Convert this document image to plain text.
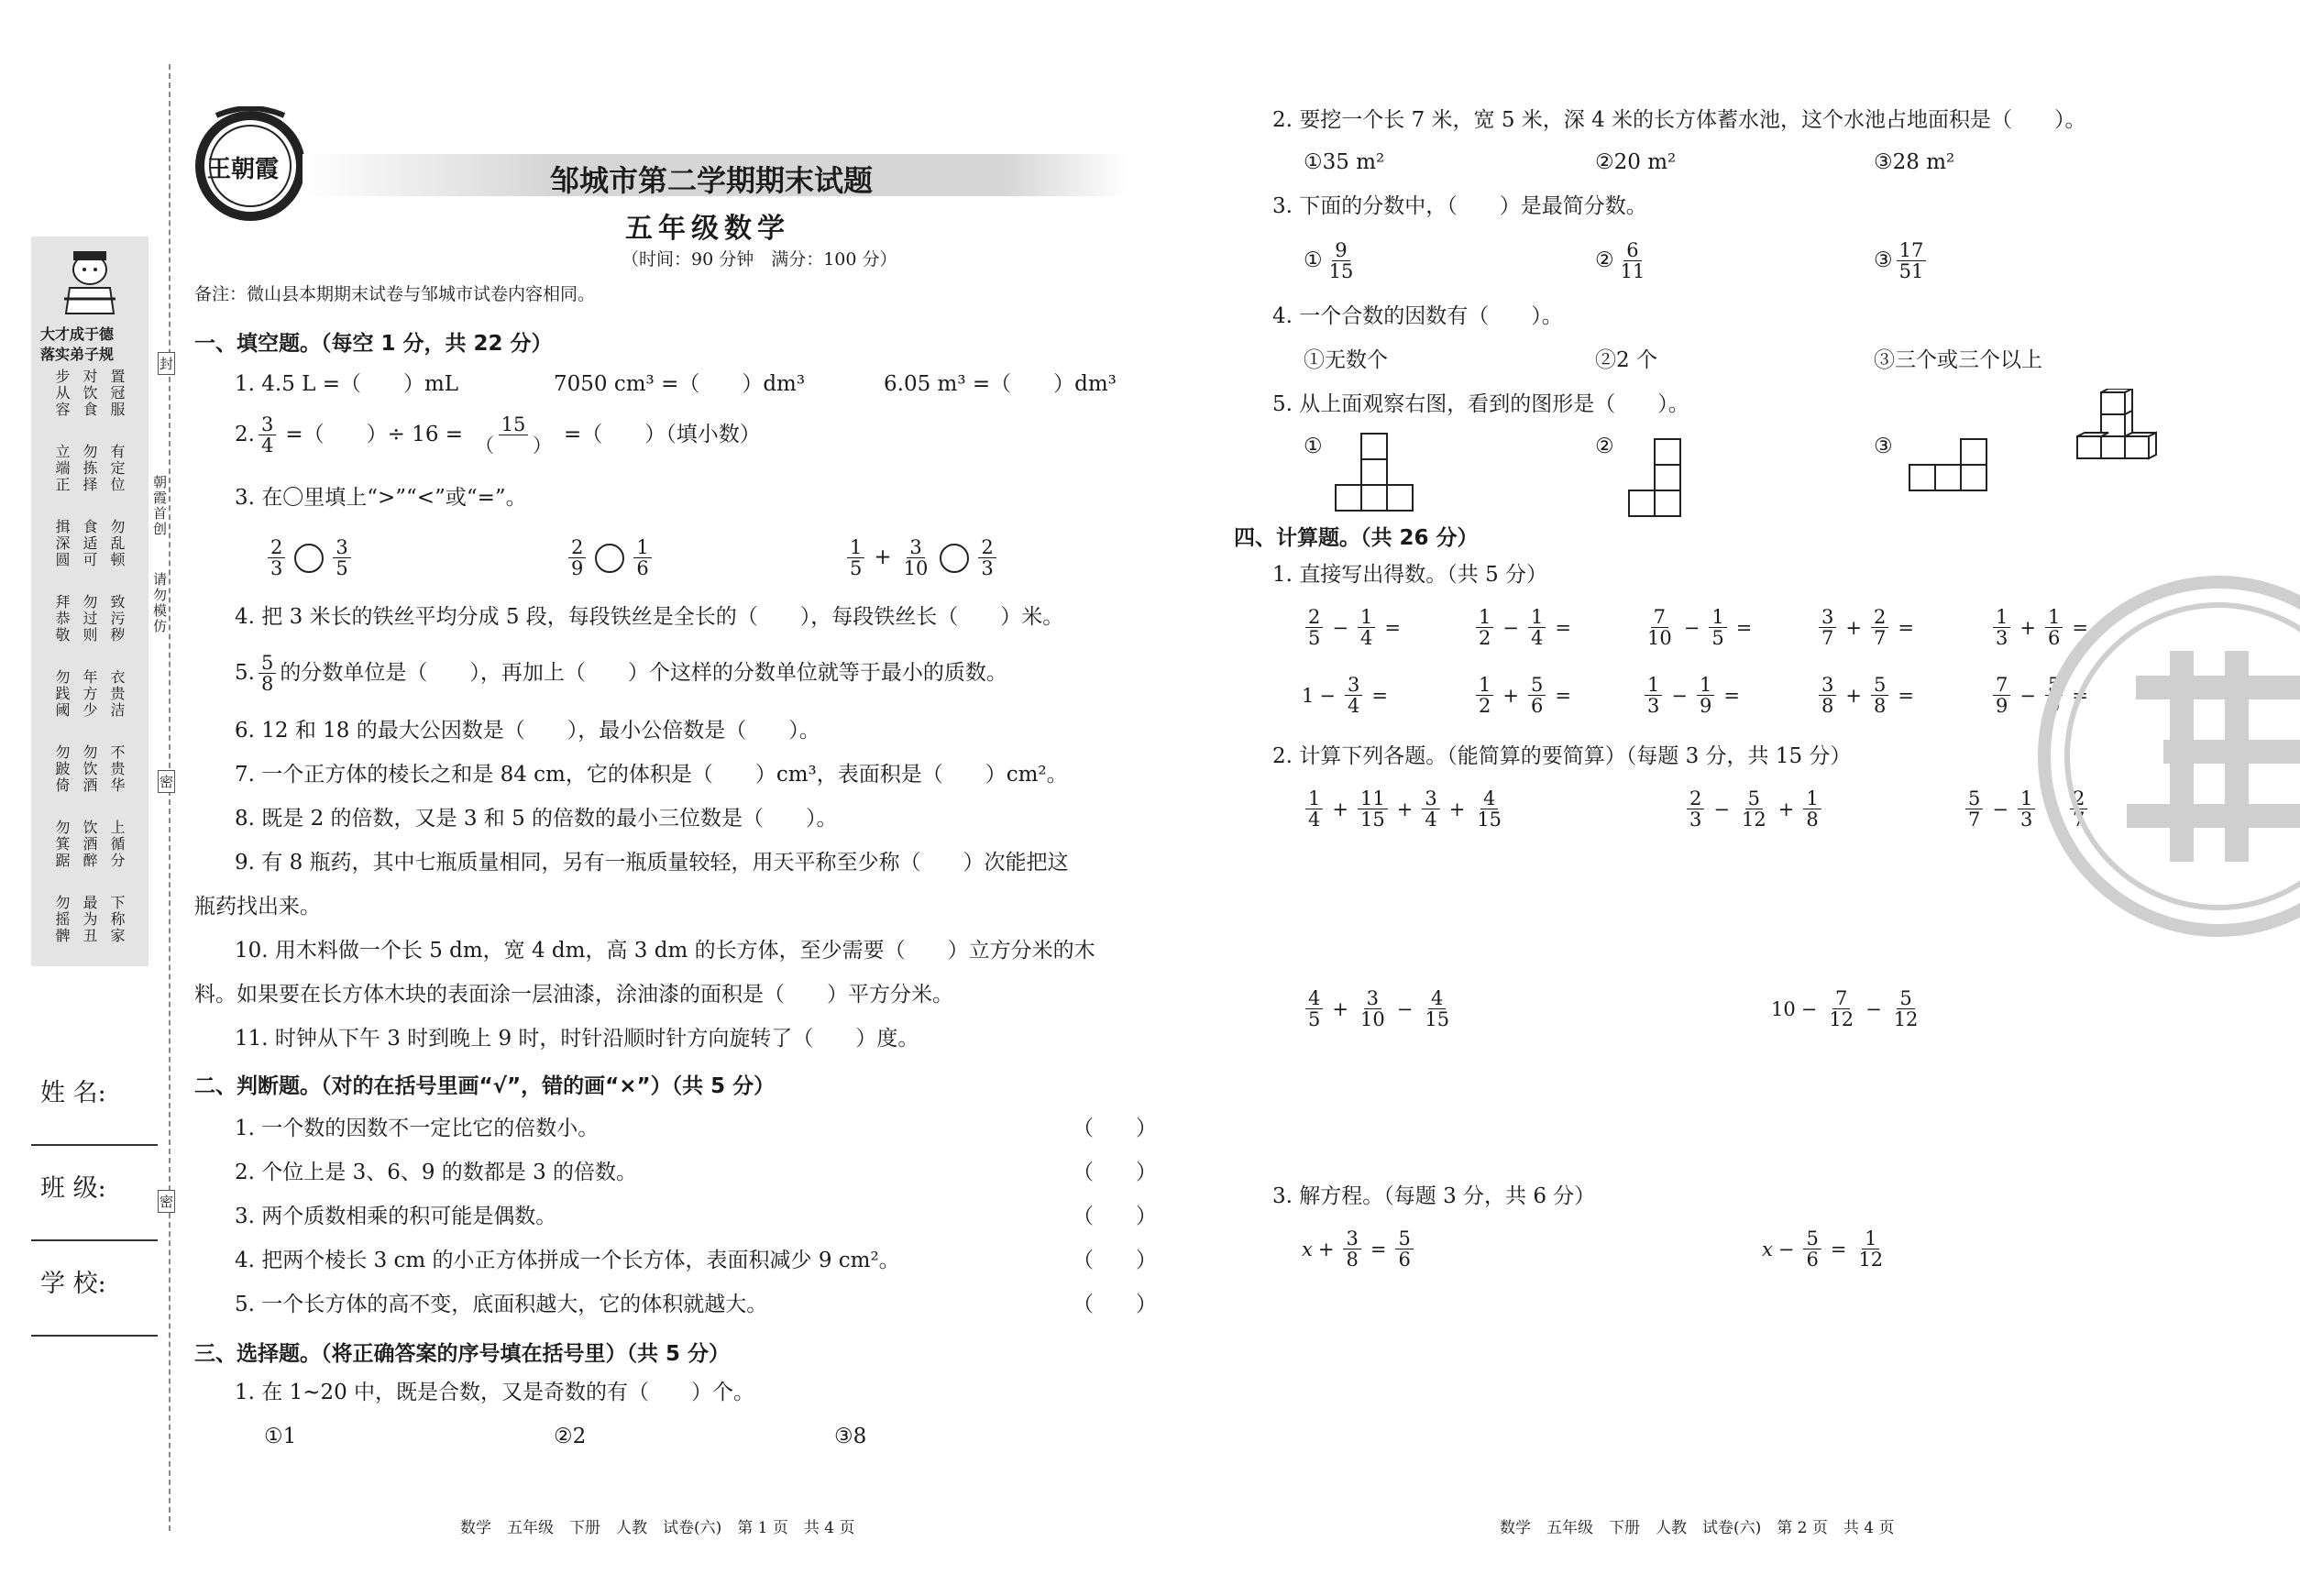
大才成于德
落实弟子规
步从容 对饮食 置冠服
立端正 勿拣择 有定位
揖深圆 食适可 勿乱顿
拜恭敬 勿过则 致污秽
勿践阈 年方少 衣贵洁
勿跛倚 勿饮酒 不贵华
勿箕踞 饮酒醉 上循分
勿摇髀 最为丑 下称家
朝霞首创
请勿模仿
封
密
密
姓 名:
班 级:
学 校:
王朝霞	邹城市第二学期期末试题
五年级数学
（时间：90 分钟　满分：100 分）
备注：微山县本期期末试卷与邹城市试卷内容相同。
一、填空题。（每空 1 分，共 22 分）
1. 4.5 L =（　　）mL	7050 cm³ =（　　）dm³	6.05 m³ =（　　）dm³
2. $\frac{3}{4}$ =（　　）÷ $16 = \frac{15}{( )}$ =（　　）（填小数）
3. 在〇里填上“>”“<”或“=”。
$\frac{2}{3} \frac{3}{5}$	$\frac{2}{9} \frac{1}{6}$	$\frac{1}{5} + \frac{3}{10} \frac{2}{3}$
4. 把 3 米长的铁丝平均分成 5 段，每段铁丝是全长的（　　），每段铁丝长（　　）米。
5. $\frac{5}{8}$ 的分数单位是（　　），再加上（　　）个这样的分数单位就等于最小的质数。
6. 12 和 18 的最大公因数是（　　），最小公倍数是（　　）。
7. 一个正方体的棱长之和是 84 cm，它的体积是（　　）cm³，表面积是（　　）cm²。
8. 既是 2 的倍数，又是 3 和 5 的倍数的最小三位数是（　　）。
9. 有 8 瓶药，其中七瓶质量相同，另有一瓶质量较轻，用天平称至少称（　　）次能把这
瓶药找出来。
10. 用木料做一个长 5 dm，宽 4 dm，高 3 dm 的长方体，至少需要（　　）立方分米的木
料。如果要在长方体木块的表面涂一层油漆，涂油漆的面积是（　　）平方分米。
11. 时钟从下午 3 时到晚上 9 时，时针沿顺时针方向旋转了（　　）度。
二、判断题。（对的在括号里画“√”，错的画“×”）（共 5 分）
1. 一个数的因数不一定比它的倍数小。
2. 个位上是 3、6、9 的数都是 3 的倍数。
3. 两个质数相乘的积可能是偶数。
4. 把两个棱长 3 cm 的小正方体拼成一个长方体，表面积减少 9 cm²。
5. 一个长方体的高不变，底面积越大，它的体积就越大。
（　　）
（　　）
（　　）
（　　）
（　　）
三、选择题。（将正确答案的序号填在括号里）（共 5 分）
1. 在 1~20 中，既是合数，又是奇数的有（　　）个。
①1	②2	③8
数学　五年级　下册　人教　试卷(六)　第 1 页　共 4 页
2. 要挖一个长 7 米，宽 5 米，深 4 米的长方体蓄水池，这个水池占地面积是（　　）。
①35 m²	②20 m²	③28 m²
3. 下面的分数中，（　　）是最简分数。
① $\frac{9}{15}$	② $\frac{6}{11}$	③ $\frac{17}{51}$
4. 一个合数的因数有（　　）。
①无数个	②2 个	③三个或三个以上
5. 从上面观察右图，看到的图形是（　　）。
①	②	③
四、计算题。（共 26 分）
1. 直接写出得数。（共 5 分）
$\frac{2}{5} - \frac{1}{4}$ =	$\frac{1}{2} - \frac{1}{4}$ =	$\frac{7}{10} - \frac{1}{5}$ =	$\frac{3}{7} + \frac{2}{7}$ =	$\frac{1}{3} + \frac{1}{6}$ =
$1 - \frac{3}{4}$ =	$\frac{1}{2} + \frac{5}{6}$ =	$\frac{1}{3} - \frac{1}{9}$ =	$\frac{3}{8} + \frac{5}{8}$ =	$\frac{7}{9} - \frac{5}{9}$ =
2. 计算下列各题。（能简算的要简算）（每题 3 分，共 15 分）
$\frac{1}{4} + \frac{11}{15} + \frac{3}{4} + \frac{4}{15}$	$\frac{2}{3} - \frac{5}{12} + \frac{1}{8}$	$\frac{5}{7} - \frac{1}{3} + \frac{2}{7}$
$\frac{4}{5} + \frac{3}{10} - \frac{4}{15}$	$10 - \frac{7}{12} - \frac{5}{12}$
3. 解方程。（每题 3 分，共 6 分）
$x + \frac{3}{8} = \frac{5}{6}$	$x - \frac{5}{6} = \frac{1}{12}$
数学　五年级　下册　人教　试卷(六)　第 2 页　共 4 页
